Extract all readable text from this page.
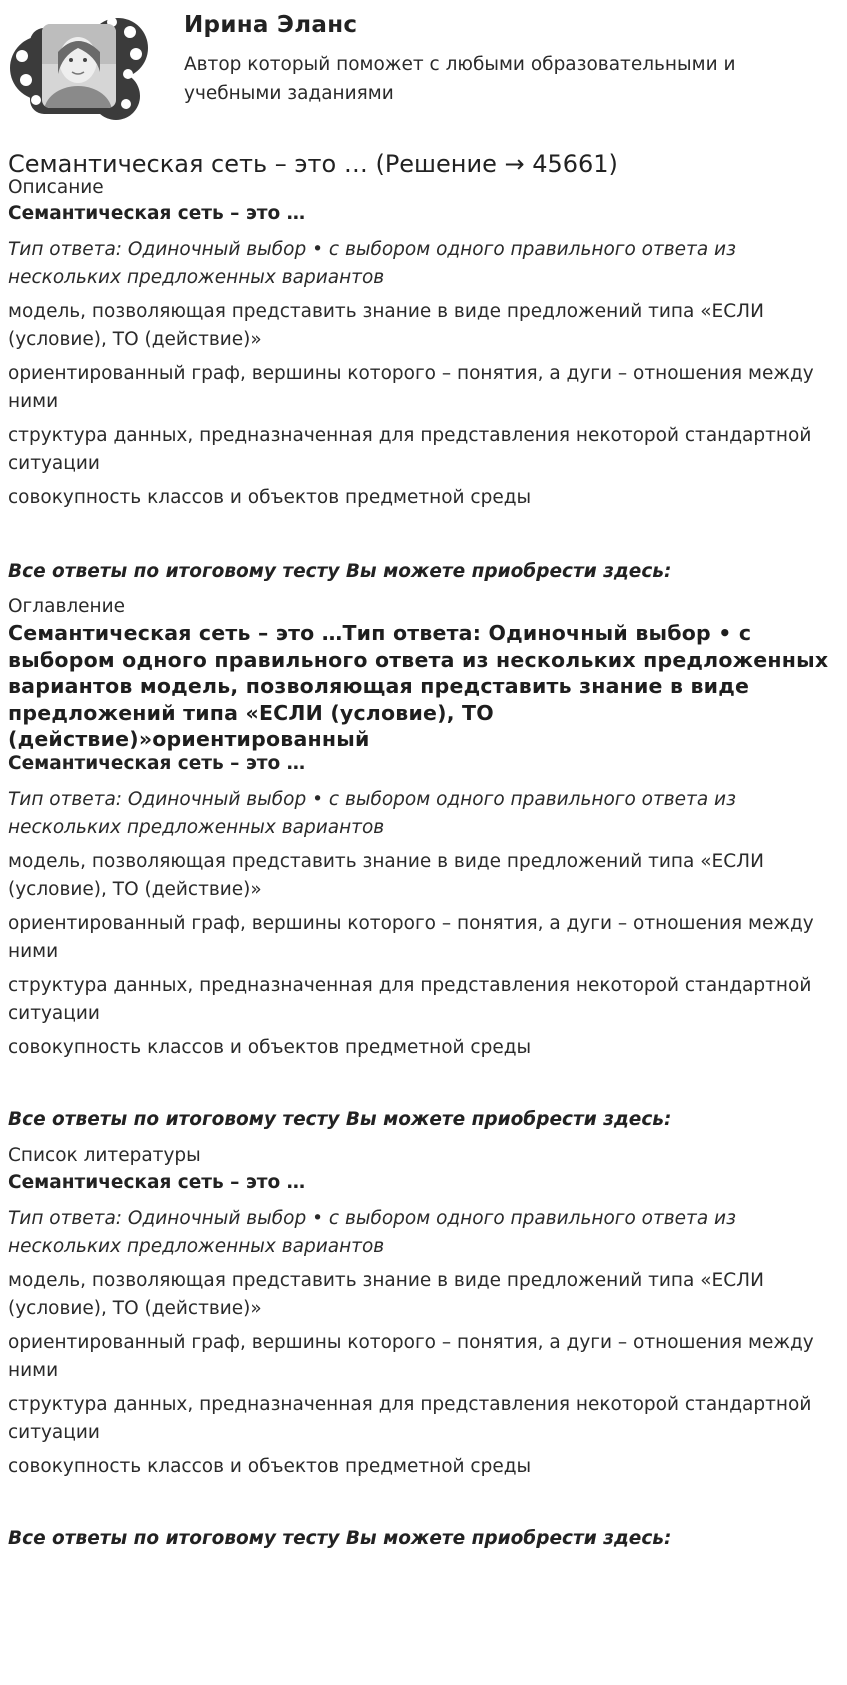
Ирина Эланс
Автор который поможет с любыми образовательными и учебными заданиями
Семантическая сеть – это … (Решение → 45661)
Описание
Семантическая сеть – это …
Тип ответа: Одиночный выбор • с выбором одного правильного ответа из нескольких предложенных вариантов
модель, позволяющая представить знание в виде предложений типа «ЕСЛИ (условие), ТО (действие)»
ориентированный граф, вершины которого – понятия, а дуги – отношения между ними
структура данных, предназначенная для представления некоторой стандартной ситуации
совокупность классов и объектов предметной среды
Все ответы по итоговому тесту Вы можете приобрести здесь:
Оглавление
Семантическая сеть – это …Тип ответа: Одиночный выбор • с выбором одного правильного ответа из нескольких предложенных вариантов модель, позволяющая представить знание в виде предложений типа «ЕСЛИ (условие), ТО (действие)»ориентированный
Семантическая сеть – это …
Тип ответа: Одиночный выбор • с выбором одного правильного ответа из нескольких предложенных вариантов
модель, позволяющая представить знание в виде предложений типа «ЕСЛИ (условие), ТО (действие)»
ориентированный граф, вершины которого – понятия, а дуги – отношения между ними
структура данных, предназначенная для представления некоторой стандартной ситуации
совокупность классов и объектов предметной среды
Все ответы по итоговому тесту Вы можете приобрести здесь:
Список литературы
Семантическая сеть – это …
Тип ответа: Одиночный выбор • с выбором одного правильного ответа из нескольких предложенных вариантов
модель, позволяющая представить знание в виде предложений типа «ЕСЛИ (условие), ТО (действие)»
ориентированный граф, вершины которого – понятия, а дуги – отношения между ними
структура данных, предназначенная для представления некоторой стандартной ситуации
совокупность классов и объектов предметной среды
Все ответы по итоговому тесту Вы можете приобрести здесь:
